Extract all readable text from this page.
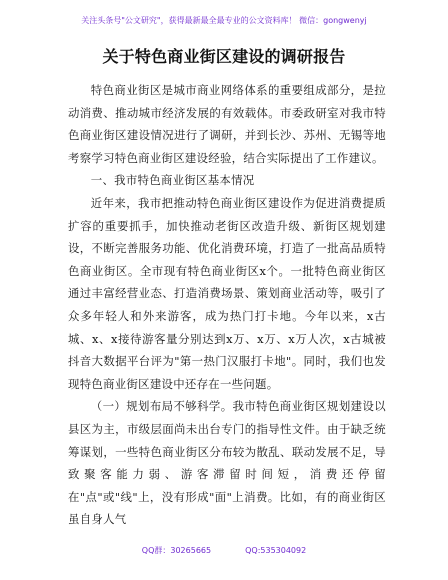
关注头条号"公文研究"，获得最新最全最专业的公文资料库！ 微信：gongwenyj
关于特色商业街区建设的调研报告

特色商业街区是城市商业网络体系的重要组成部分，是拉动消费、推动城市经济发展的有效载体。市委政研室对我市特色商业街区建设情况进行了调研，并到长沙、苏州、无锡等地考察学习特色商业街区建设经验，结合实际提出了工作建议。

一、我市特色商业街区基本情况

近年来，我市把推动特色商业街区建设作为促进消费提质扩容的重要抓手，加快推动老街区改造升级、新街区规划建设，不断完善服务功能、优化消费环境，打造了一批高品质特色商业街区。全市现有特色商业街区x个。一批特色商业街区通过丰富经营业态、打造消费场景、策划商业活动等，吸引了众多年轻人和外来游客，成为热门打卡地。今年以来，x古城、x、x接待游客量分别达到x万、x万、x万人次，x古城被抖音大数据平台评为"第一热门汉服打卡地"。同时，我们也发现特色商业街区建设中还存在一些问题。

（一）规划布局不够科学。我市特色商业街区规划建设以县区为主，市级层面尚未出台专门的指导性文件。由于缺乏统筹谋划，一些特色商业街区分布较为散乱、联动发展不足，导致聚客能力弱、游客滞留时间短，消费还停留在"点"或"线"上，没有形成"面"上消费。比如，有的商业街区虽自身人气

QQ群：30265665	QQ:535304092
